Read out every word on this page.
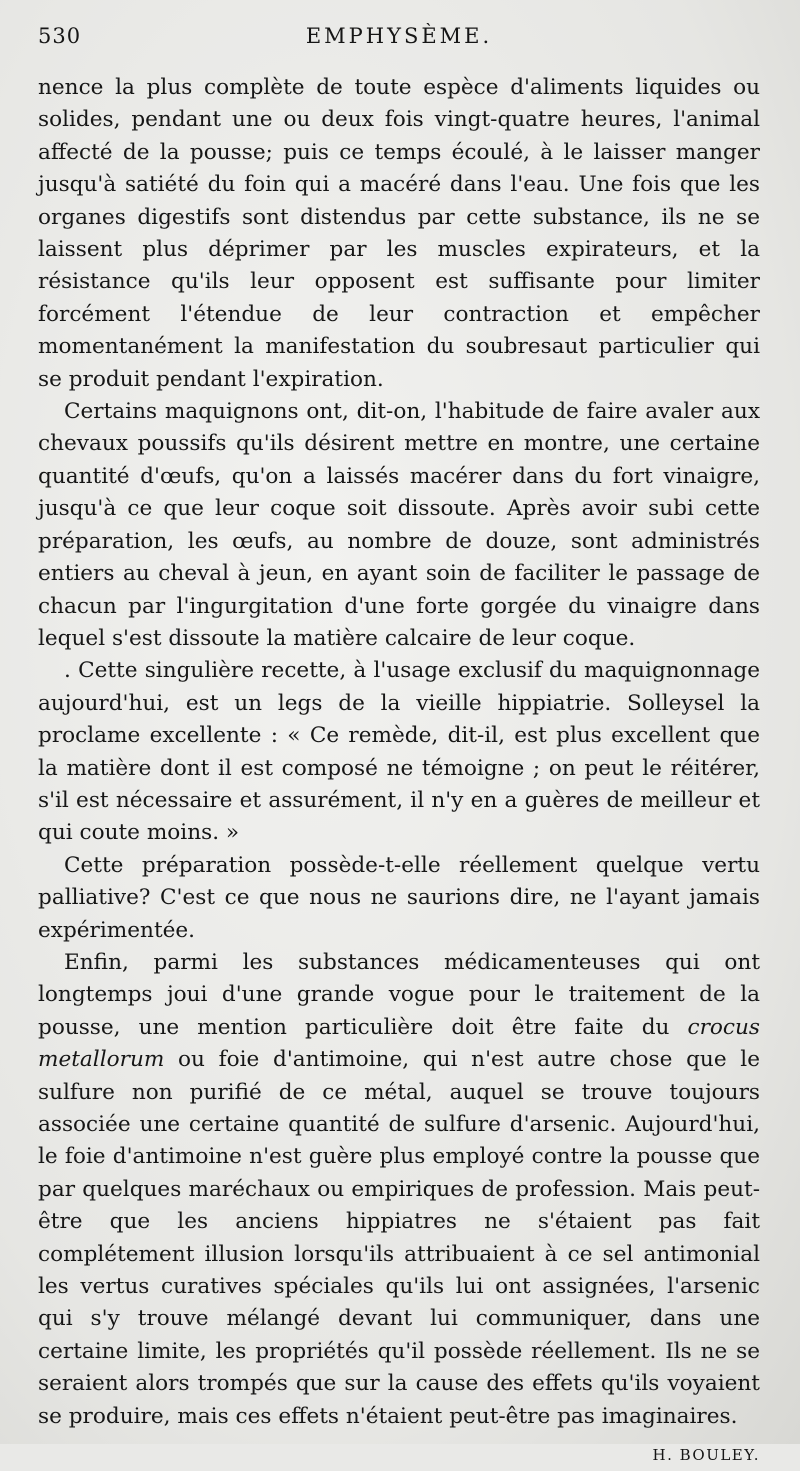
530	EMPHYSÈME.

nence la plus complète de toute espèce d'aliments liquides ou solides, pendant une ou deux fois vingt-quatre heures, l'animal affecté de la pousse; puis ce temps écoulé, à le laisser manger jusqu'à satiété du foin qui a macéré dans l'eau. Une fois que les organes digestifs sont distendus par cette substance, ils ne se laissent plus déprimer par les muscles expirateurs, et la résistance qu'ils leur opposent est suffisante pour limiter forcément l'étendue de leur contraction et empêcher momentanément la manifestation du soubresaut particulier qui se produit pendant l'expiration.

Certains maquignons ont, dit-on, l'habitude de faire avaler aux chevaux poussifs qu'ils désirent mettre en montre, une certaine quantité d'œufs, qu'on a laissés macérer dans du fort vinaigre, jusqu'à ce que leur coque soit dissoute. Après avoir subi cette préparation, les œufs, au nombre de douze, sont administrés entiers au cheval à jeun, en ayant soin de faciliter le passage de chacun par l'ingurgitation d'une forte gorgée du vinaigre dans lequel s'est dissoute la matière calcaire de leur coque.

. Cette singulière recette, à l'usage exclusif du maquignonnage aujourd'hui, est un legs de la vieille hippiatrie. Solleysel la proclame excellente : « Ce remède, dit-il, est plus excellent que la matière dont il est composé ne témoigne ; on peut le réitérer, s'il est nécessaire et assurément, il n'y en a guères de meilleur et qui coute moins. »

Cette préparation possède-t-elle réellement quelque vertu palliative? C'est ce que nous ne saurions dire, ne l'ayant jamais expérimentée.

Enfin, parmi les substances médicamenteuses qui ont longtemps joui d'une grande vogue pour le traitement de la pousse, une mention particulière doit être faite du crocus metallorum ou foie d'antimoine, qui n'est autre chose que le sulfure non purifié de ce métal, auquel se trouve toujours associée une certaine quantité de sulfure d'arsenic. Aujourd'hui, le foie d'antimoine n'est guère plus employé contre la pousse que par quelques maréchaux ou empiriques de profession. Mais peut-être que les anciens hippiatres ne s'étaient pas fait complétement illusion lorsqu'ils attribuaient à ce sel antimonial les vertus curatives spéciales qu'ils lui ont assignées, l'arsenic qui s'y trouve mélangé devant lui communiquer, dans une certaine limite, les propriétés qu'il possède réellement. Ils ne se seraient alors trompés que sur la cause des effets qu'ils voyaient se produire, mais ces effets n'étaient peut-être pas imaginaires.
H. BOULEY.
